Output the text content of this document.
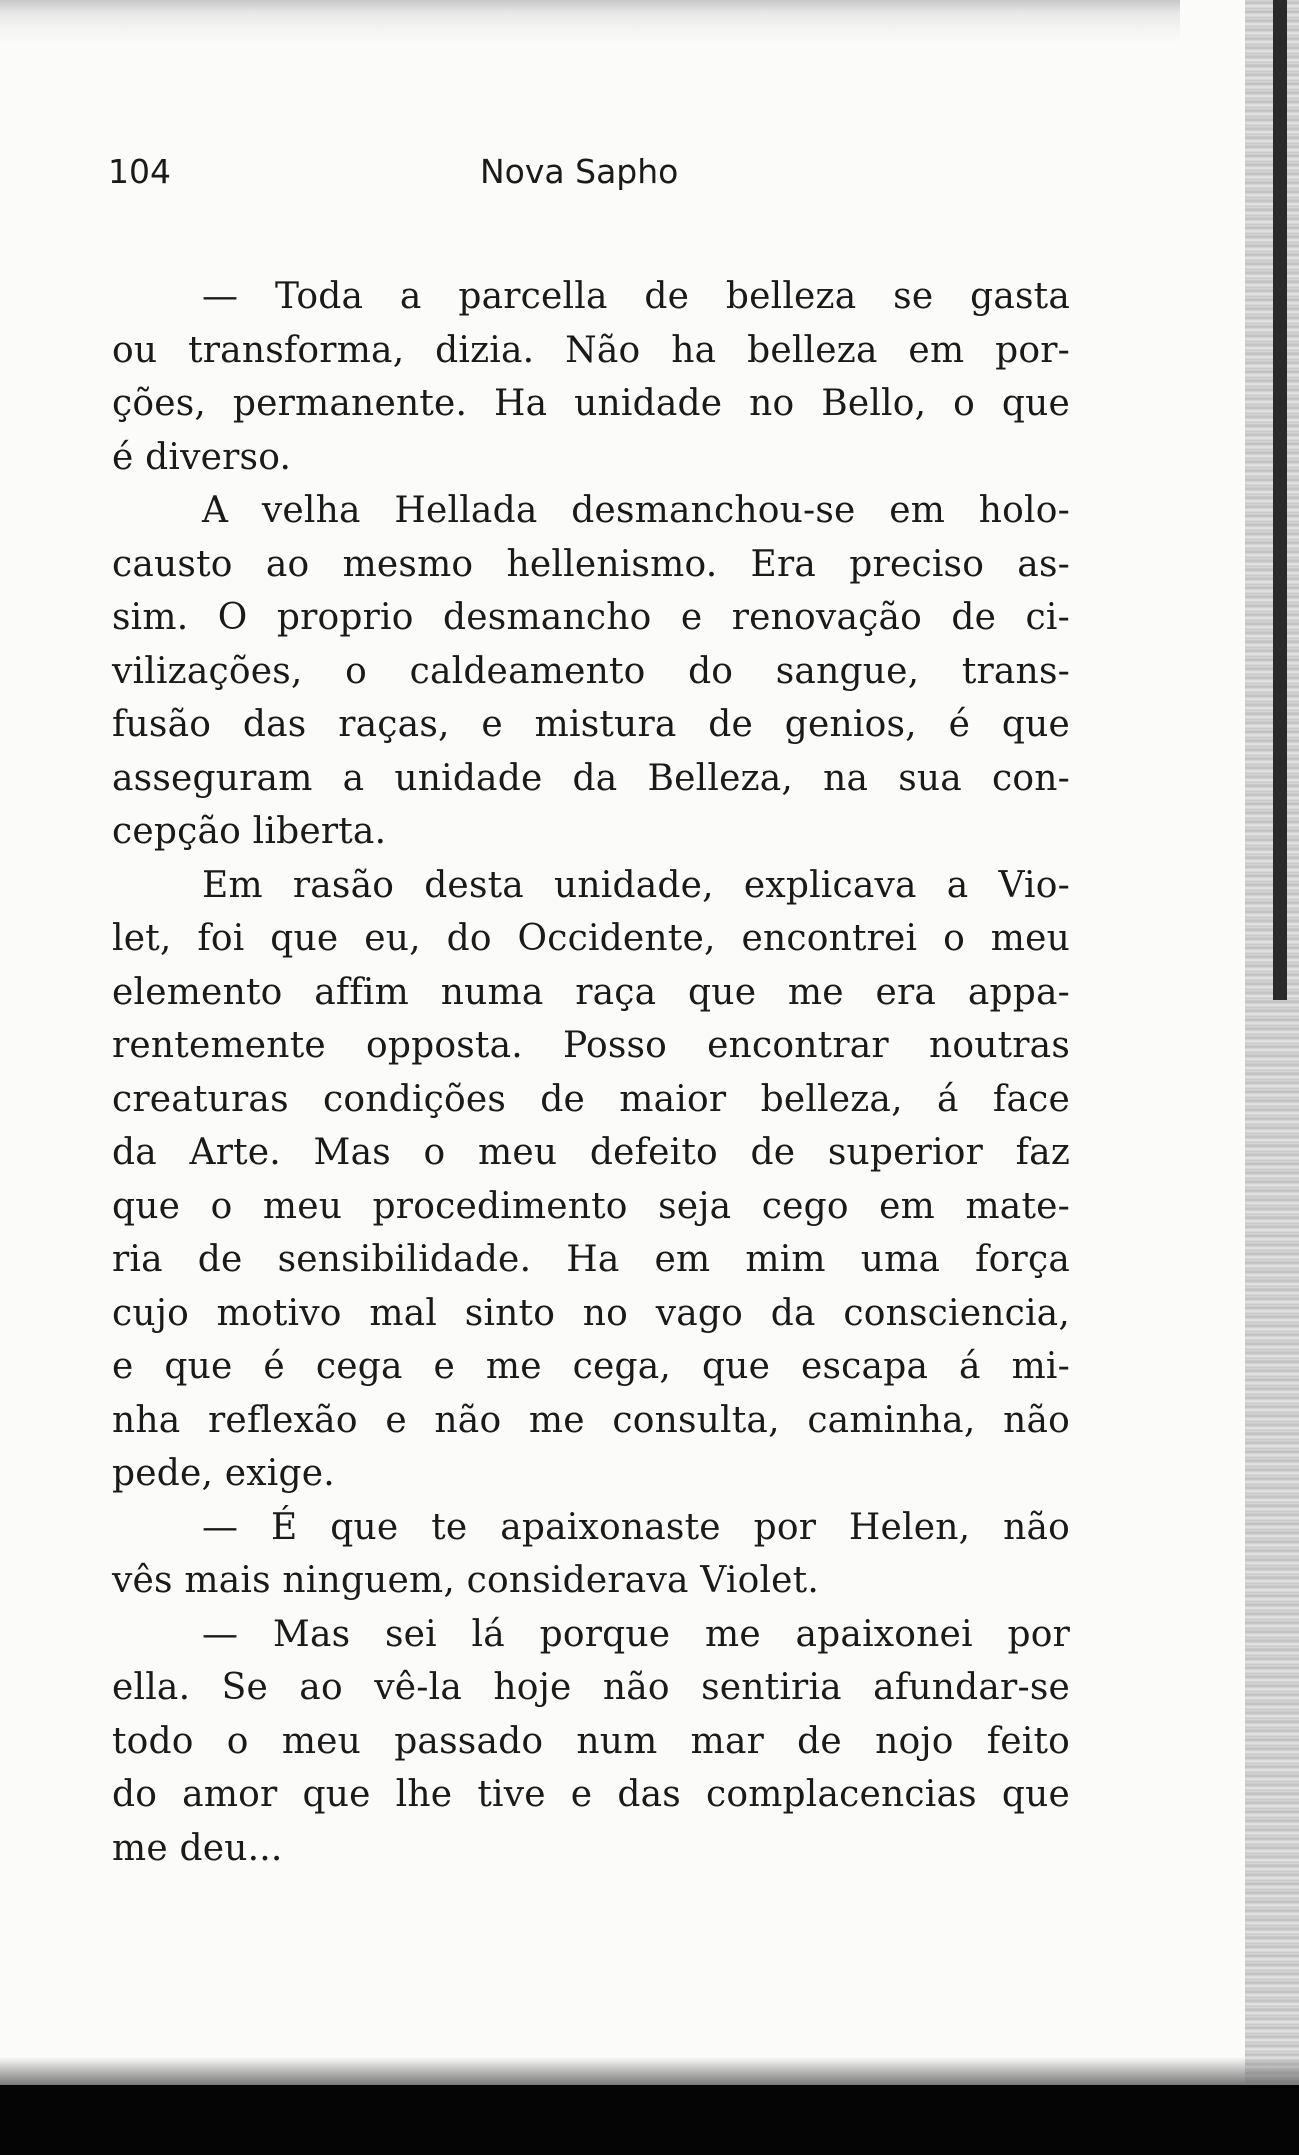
104	Nova Sapho
— Toda a parcella de belleza se gasta
ou transforma, dizia. Não ha belleza em por-
ções, permanente. Ha unidade no Bello, o que
é diverso.
A velha Hellada desmanchou-se em holo-
causto ao mesmo hellenismo. Era preciso as-
sim. O proprio desmancho e renovação de ci-
vilizações, o caldeamento do sangue, trans-
fusão das raças, e mistura de genios, é que
asseguram a unidade da Belleza, na sua con-
cepção liberta.
Em rasão desta unidade, explicava a Vio-
let, foi que eu, do Occidente, encontrei o meu
elemento affim numa raça que me era appa-
rentemente opposta. Posso encontrar noutras
creaturas condições de maior belleza, á face
da Arte. Mas o meu defeito de superior faz
que o meu procedimento seja cego em mate-
ria de sensibilidade. Ha em mim uma força
cujo motivo mal sinto no vago da consciencia,
e que é cega e me cega, que escapa á mi-
nha reflexão e não me consulta, caminha, não
pede, exige.
— É que te apaixonaste por Helen, não
vês mais ninguem, considerava Violet.
— Mas sei lá porque me apaixonei por
ella. Se ao vê-la hoje não sentiria afundar-se
todo o meu passado num mar de nojo feito
do amor que lhe tive e das complacencias que
me deu...
